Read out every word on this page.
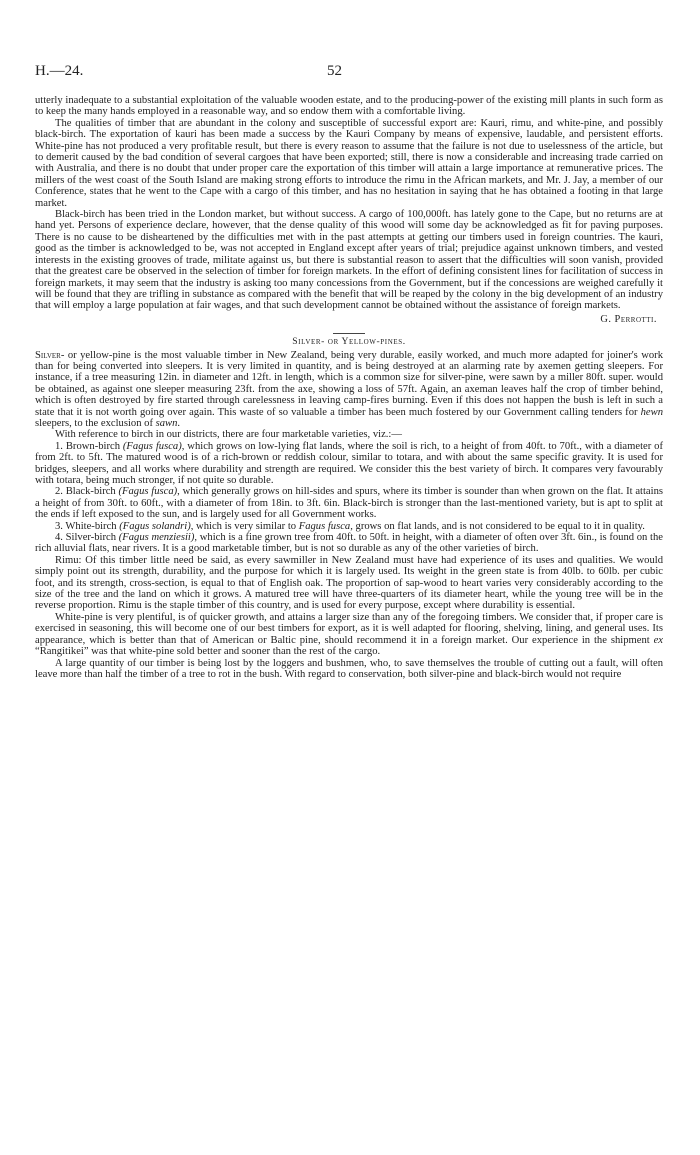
H.—24.	52

utterly inadequate to a substantial exploitation of the valuable wooden estate, and to the producing-power of the existing mill plants in such form as to keep the many hands employed in a reasonable way, and so endow them with a comfortable living.

The qualities of timber that are abundant in the colony and susceptible of successful export are: Kauri, rimu, and white-pine, and possibly black-birch. The exportation of kauri has been made a success by the Kauri Company by means of expensive, laudable, and persistent efforts. White-pine has not produced a very profitable result, but there is every reason to assume that the failure is not due to uselessness of the article, but to demerit caused by the bad condition of several cargoes that have been exported; still, there is now a considerable and increasing trade carried on with Australia, and there is no doubt that under proper care the exportation of this timber will attain a large importance at remunerative prices. The millers of the west coast of the South Island are making strong efforts to introduce the rimu in the African markets, and Mr. J. Jay, a member of our Conference, states that he went to the Cape with a cargo of this timber, and has no hesitation in saying that he has obtained a footing in that large market.

Black-birch has been tried in the London market, but without success. A cargo of 100,000ft. has lately gone to the Cape, but no returns are at hand yet. Persons of experience declare, however, that the dense quality of this wood will some day be acknowledged as fit for paving purposes. There is no cause to be disheartened by the difficulties met with in the past attempts at getting our timbers used in foreign countries. The kauri, good as the timber is acknowledged to be, was not accepted in England except after years of trial; prejudice against unknown timbers, and vested interests in the existing grooves of trade, militate against us, but there is substantial reason to assert that the difficulties will soon vanish, provided that the greatest care be observed in the selection of timber for foreign markets. In the effort of defining consistent lines for facilitation of success in foreign markets, it may seem that the industry is asking too many concessions from the Government, but if the concessions are weighed carefully it will be found that they are trifling in substance as compared with the benefit that will be reaped by the colony in the big development of an industry that will employ a large population at fair wages, and that such development cannot be obtained without the assistance of foreign markets.

G. Perrotti.

Silver- or Yellow-pines.

Silver- or yellow-pine is the most valuable timber in New Zealand, being very durable, easily worked, and much more adapted for joiner's work than for being converted into sleepers. It is very limited in quantity, and is being destroyed at an alarming rate by axemen getting sleepers. For instance, if a tree measuring 12in. in diameter and 12ft. in length, which is a common size for silver-pine, were sawn by a miller 80ft. super. would be obtained, as against one sleeper measuring 23ft. from the axe, showing a loss of 57ft. Again, an axeman leaves half the crop of timber behind, which is often destroyed by fire started through carelessness in leaving camp-fires burning. Even if this does not happen the bush is left in such a state that it is not worth going over again. This waste of so valuable a timber has been much fostered by our Government calling tenders for hewn sleepers, to the exclusion of sawn.

With reference to birch in our districts, there are four marketable varieties, viz.:—

1. Brown-birch (Fagus fusca), which grows on low-lying flat lands, where the soil is rich, to a height of from 40ft. to 70ft., with a diameter of from 2ft. to 5ft. The matured wood is of a rich-brown or reddish colour, similar to totara, and with about the same specific gravity. It is used for bridges, sleepers, and all works where durability and strength are required. We consider this the best variety of birch. It compares very favourably with totara, being much stronger, if not quite so durable.

2. Black-birch (Fagus fusca), which generally grows on hill-sides and spurs, where its timber is sounder than when grown on the flat. It attains a height of from 30ft. to 60ft., with a diameter of from 18in. to 3ft. 6in. Black-birch is stronger than the last-mentioned variety, but is apt to split at the ends if left exposed to the sun, and is largely used for all Government works.

3. White-birch (Fagus solandri), which is very similar to Fagus fusca, grows on flat lands, and is not considered to be equal to it in quality.

4. Silver-birch (Fagus menziesii), which is a fine grown tree from 40ft. to 50ft. in height, with a diameter of often over 3ft. 6in., is found on the rich alluvial flats, near rivers. It is a good marketable timber, but is not so durable as any of the other varieties of birch.

Rimu: Of this timber little need be said, as every sawmiller in New Zealand must have had experience of its uses and qualities. We would simply point out its strength, durability, and the purpose for which it is largely used. Its weight in the green state is from 40lb. to 60lb. per cubic foot, and its strength, cross-section, is equal to that of English oak. The proportion of sap-wood to heart varies very considerably according to the size of the tree and the land on which it grows. A matured tree will have three-quarters of its diameter heart, while the young tree will be in the reverse proportion. Rimu is the staple timber of this country, and is used for every purpose, except where durability is essential.

White-pine is very plentiful, is of quicker growth, and attains a larger size than any of the foregoing timbers. We consider that, if proper care is exercised in seasoning, this will become one of our best timbers for export, as it is well adapted for flooring, shelving, lining, and general uses. Its appearance, which is better than that of American or Baltic pine, should recommend it in a foreign market. Our experience in the shipment ex “Rangitikei” was that white-pine sold better and sooner than the rest of the cargo.

A large quantity of our timber is being lost by the loggers and bushmen, who, to save themselves the trouble of cutting out a fault, will often leave more than half the timber of a tree to rot in the bush. With regard to conservation, both silver-pine and black-birch would not require
